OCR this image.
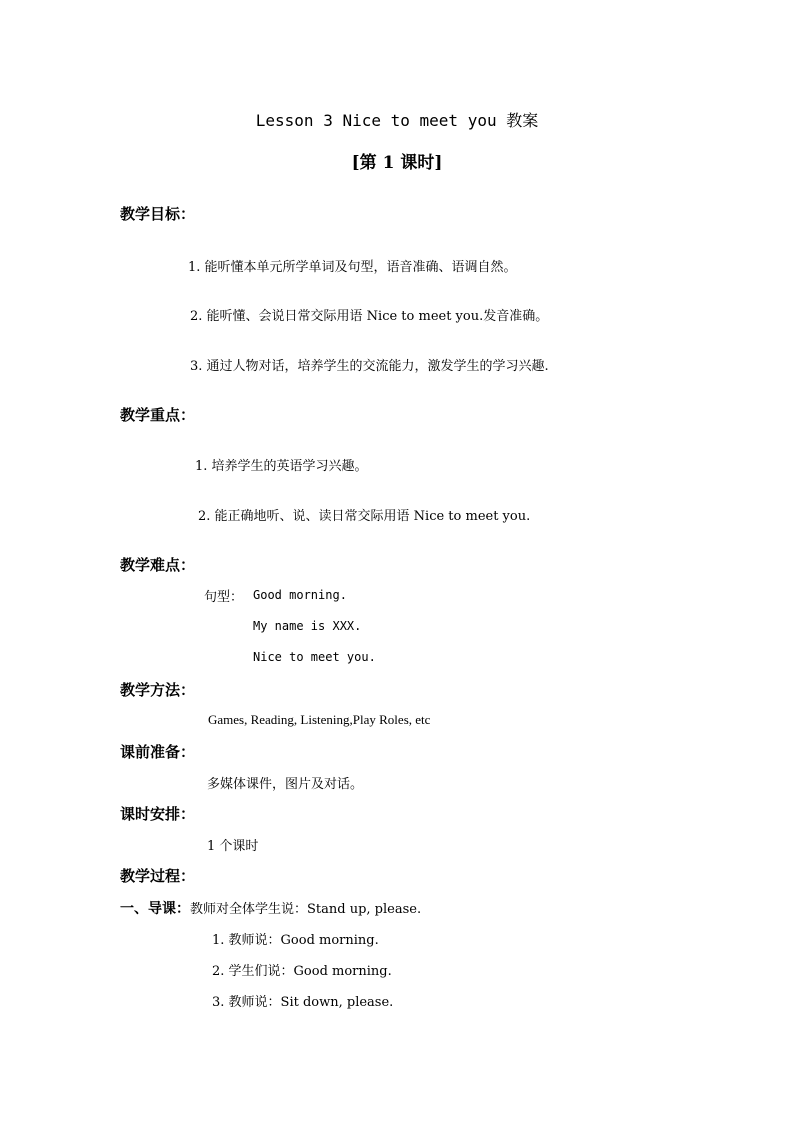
Lesson 3 Nice to meet you 教案
[第 1 课时]
教学目标：
1. 能听懂本单元所学单词及句型，语音准确、语调自然。
2. 能听懂、会说日常交际用语 Nice to meet you.发音准确。
3. 通过人物对话，培养学生的交流能力，激发学生的学习兴趣.
教学重点：
1. 培养学生的英语学习兴趣。
2. 能正确地听、说、读日常交际用语 Nice to meet you.
教学难点：
句型： Good morning.
My name is XXX.
Nice to meet you.
教学方法：
Games, Reading, Listening,Play Roles, etc
课前准备：
多媒体课件，图片及对话。
课时安排：
1 个课时
教学过程：
一、导课：教师对全体学生说：Stand up, please.
1. 教师说：Good morning.
2. 学生们说：Good morning.
3. 教师说：Sit down, please.
